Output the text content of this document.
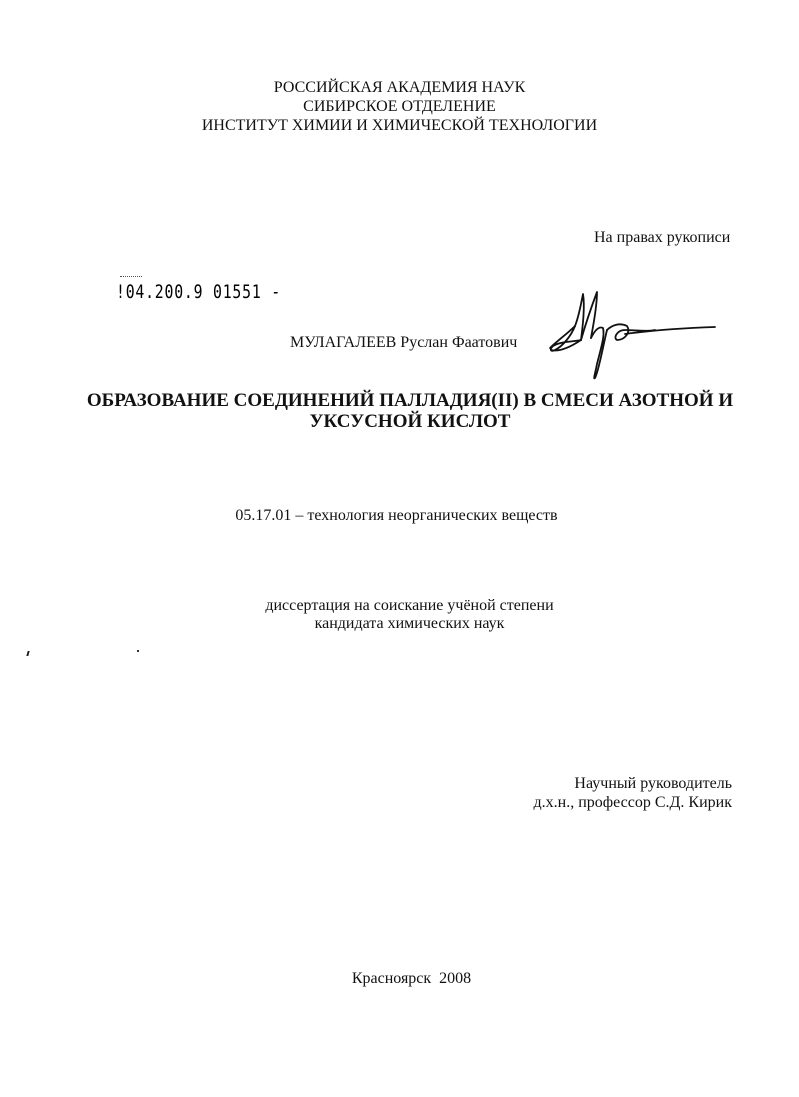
РОССИЙСКАЯ АКАДЕМИЯ НАУК
СИБИРСКОЕ ОТДЕЛЕНИЕ
ИНСТИТУТ ХИМИИ И ХИМИЧЕСКОЙ ТЕХНОЛОГИИ
На правах рукописи
!04.200.9 01551 -
МУЛАГАЛЕЕВ Руслан Фаатович
ОБРАЗОВАНИЕ СОЕДИНЕНИЙ ПАЛЛАДИЯ(II) В СМЕСИ АЗОТНОЙ И
УКСУСНОЙ КИСЛОТ
05.17.01 – технология неорганических веществ
диссертация на соискание учёной степени
кандидата химических наук
Научный руководитель
д.х.н., профессор С.Д. Кирик
Красноярск  2008
